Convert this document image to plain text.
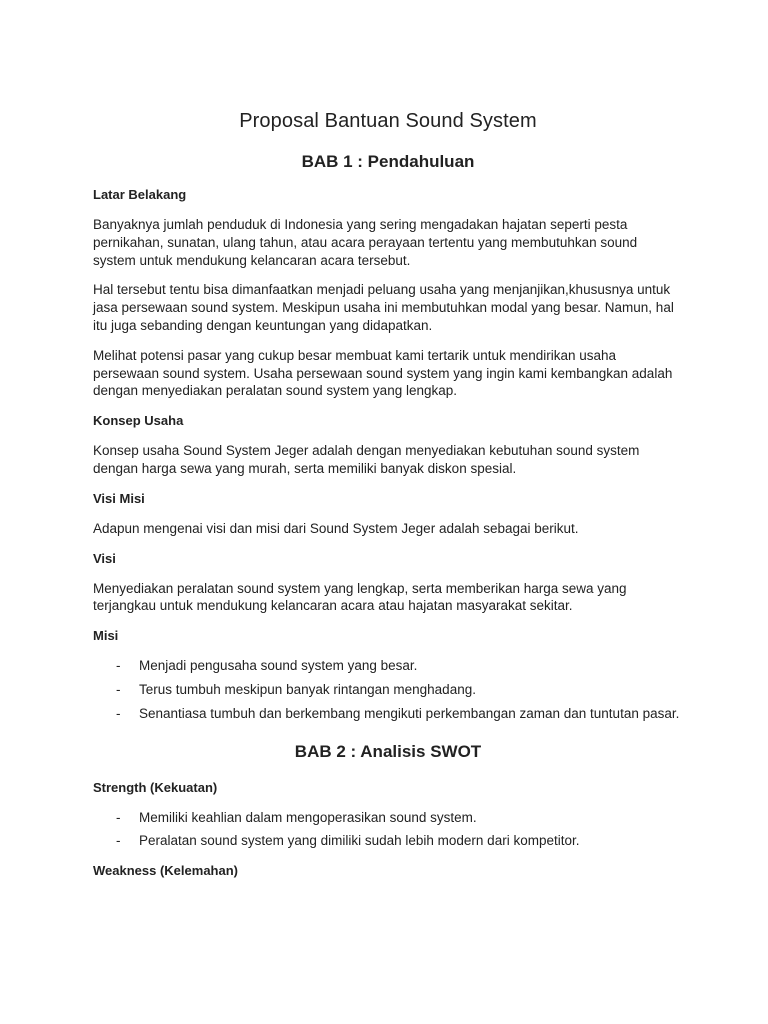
Proposal Bantuan Sound System
BAB 1 : Pendahuluan
Latar Belakang

Banyaknya jumlah penduduk di Indonesia yang sering mengadakan hajatan seperti pesta pernikahan, sunatan, ulang tahun, atau acara perayaan tertentu yang membutuhkan sound system untuk mendukung kelancaran acara tersebut.

Hal tersebut tentu bisa dimanfaatkan menjadi peluang usaha yang menjanjikan,khususnya untuk jasa persewaan sound system. Meskipun usaha ini membutuhkan modal yang besar. Namun, hal itu juga sebanding dengan keuntungan yang didapatkan.

Melihat potensi pasar yang cukup besar membuat kami tertarik untuk mendirikan usaha persewaan sound system. Usaha persewaan sound system yang ingin kami kembangkan adalah dengan menyediakan peralatan sound system yang lengkap.

Konsep Usaha

Konsep usaha Sound System Jeger adalah dengan menyediakan kebutuhan sound system dengan harga sewa yang murah, serta memiliki banyak diskon spesial.

Visi Misi

Adapun mengenai visi dan misi dari Sound System Jeger adalah sebagai berikut.

Visi

Menyediakan peralatan sound system yang lengkap, serta memberikan harga sewa yang terjangkau untuk mendukung kelancaran acara atau hajatan masyarakat sekitar.

Misi
- Menjadi pengusaha sound system yang besar.
- Terus tumbuh meskipun banyak rintangan menghadang.
- Senantiasa tumbuh dan berkembang mengikuti perkembangan zaman dan tuntutan pasar.
BAB 2 : Analisis SWOT
Strength (Kekuatan)
- Memiliki keahlian dalam mengoperasikan sound system.
- Peralatan sound system yang dimiliki sudah lebih modern dari kompetitor.
Weakness (Kelemahan)
